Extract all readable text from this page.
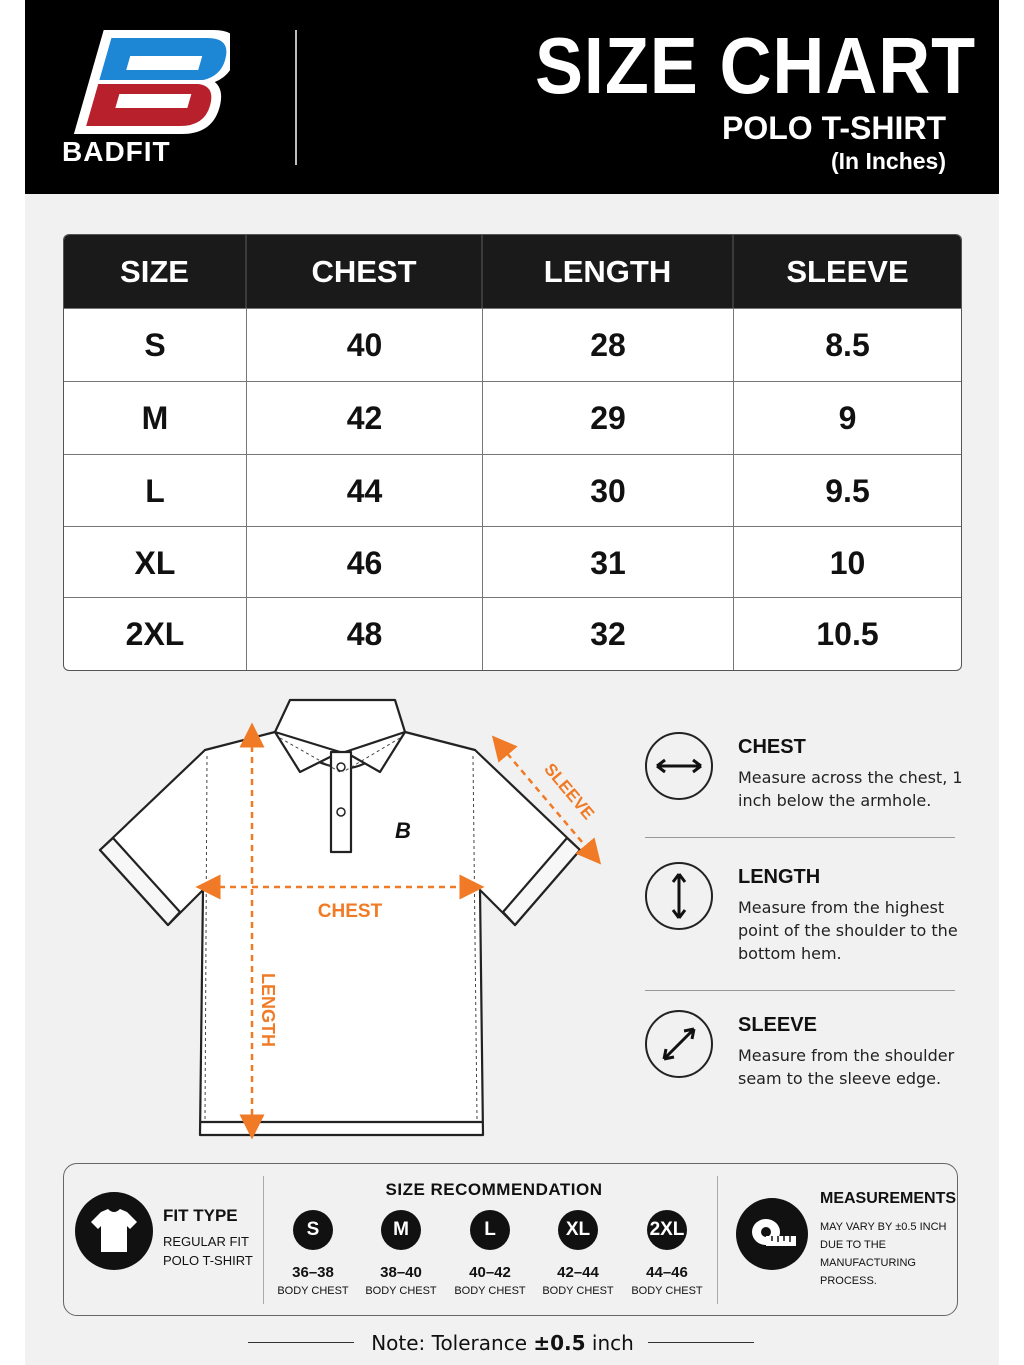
BADFIT
SIZE CHART
POLO T-SHIRT
(In Inches)
SIZE	CHEST	LENGTH	SLEEVE
S	40	28	8.5
M	42	29	9
L	44	30	9.5
XL	46	31	10
2XL	48	32	10.5
B
CHEST
LENGTH
SLEEVE
CHEST
Measure across the chest, 1 inch below the armhole.
LENGTH
Measure from the highest point of the shoulder to the bottom hem.
SLEEVE
Measure from the shoulder seam to the sleeve edge.
FIT TYPE
REGULAR FIT
POLO T-SHIRT
SIZE RECOMMENDATION
S
36–38
BODY CHEST
M
38–40
BODY CHEST
L
40–42
BODY CHEST
XL
42–44
BODY CHEST
2XL
44–46
BODY CHEST
MEASUREMENTS
MAY VARY BY ±0.5 INCH
DUE TO THE
MANUFACTURING
PROCESS.
Note: Tolerance ±0.5 inch
